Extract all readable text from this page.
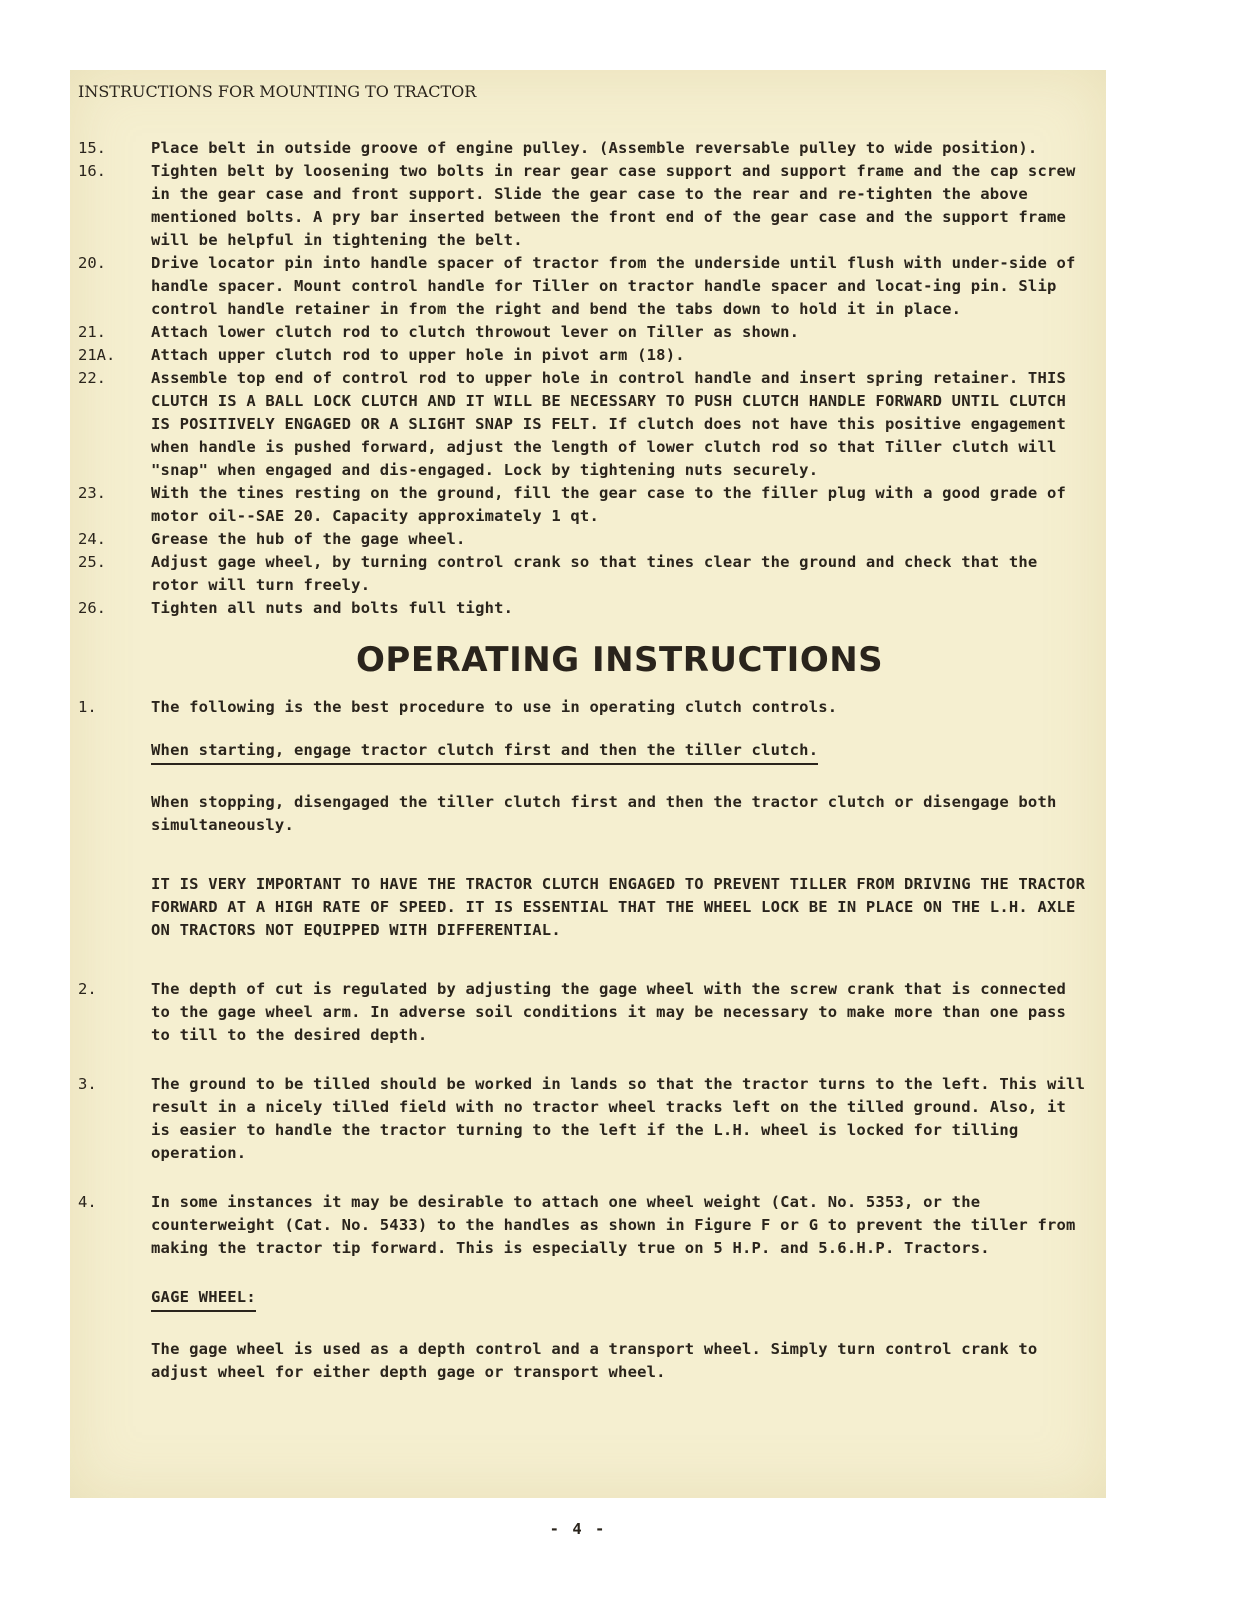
INSTRUCTIONS FOR MOUNTING TO TRACTOR
15.	Place belt in outside groove of engine pulley. (Assemble reversable pulley to wide position).
16.	Tighten belt by loosening two bolts in rear gear case support and support frame and the cap screw in the gear case and front support. Slide the gear case to the rear and re-tighten the above mentioned bolts. A pry bar inserted between the front end of the gear case and the support frame will be helpful in tightening the belt.
20.	Drive locator pin into handle spacer of tractor from the underside until flush with under-side of handle spacer. Mount control handle for Tiller on tractor handle spacer and locat-ing pin. Slip control handle retainer in from the right and bend the tabs down to hold it in place.
21.	Attach lower clutch rod to clutch throwout lever on Tiller as shown.
21A.	Attach upper clutch rod to upper hole in pivot arm (18).
22.	Assemble top end of control rod to upper hole in control handle and insert spring retainer. THIS CLUTCH IS A BALL LOCK CLUTCH AND IT WILL BE NECESSARY TO PUSH CLUTCH HANDLE FORWARD UNTIL CLUTCH IS POSITIVELY ENGAGED OR A SLIGHT SNAP IS FELT. If clutch does not have this positive engagement when handle is pushed forward, adjust the length of lower clutch rod so that Tiller clutch will "snap" when engaged and dis-engaged. Lock by tightening nuts securely.
23.	With the tines resting on the ground, fill the gear case to the filler plug with a good grade of motor oil--SAE 20. Capacity approximately 1 qt.
24.	Grease the hub of the gage wheel.
25.	Adjust gage wheel, by turning control crank so that tines clear the ground and check that the rotor will turn freely.
26.	Tighten all nuts and bolts full tight.
OPERATING INSTRUCTIONS
1.	The following is the best procedure to use in operating clutch controls.
When starting, engage tractor clutch first and then the tiller clutch.
When stopping, disengaged the tiller clutch first and then the tractor clutch or disengage both simultaneously.
IT IS VERY IMPORTANT TO HAVE THE TRACTOR CLUTCH ENGAGED TO PREVENT TILLER FROM DRIVING THE TRACTOR FORWARD AT A HIGH RATE OF SPEED. IT IS ESSENTIAL THAT THE WHEEL LOCK BE IN PLACE ON THE L.H. AXLE ON TRACTORS NOT EQUIPPED WITH DIFFERENTIAL.
2.	The depth of cut is regulated by adjusting the gage wheel with the screw crank that is connected to the gage wheel arm. In adverse soil conditions it may be necessary to make more than one pass to till to the desired depth.
3.	The ground to be tilled should be worked in lands so that the tractor turns to the left. This will result in a nicely tilled field with no tractor wheel tracks left on the tilled ground. Also, it is easier to handle the tractor turning to the left if the L.H. wheel is locked for tilling operation.
4.	In some instances it may be desirable to attach one wheel weight (Cat. No. 5353, or the counterweight (Cat. No. 5433) to the handles as shown in Figure F or G to prevent the tiller from making the tractor tip forward. This is especially true on 5 H.P. and 5.6.H.P. Tractors.
GAGE WHEEL:
The gage wheel is used as a depth control and a transport wheel. Simply turn control crank to adjust wheel for either depth gage or transport wheel.
- 4 -
